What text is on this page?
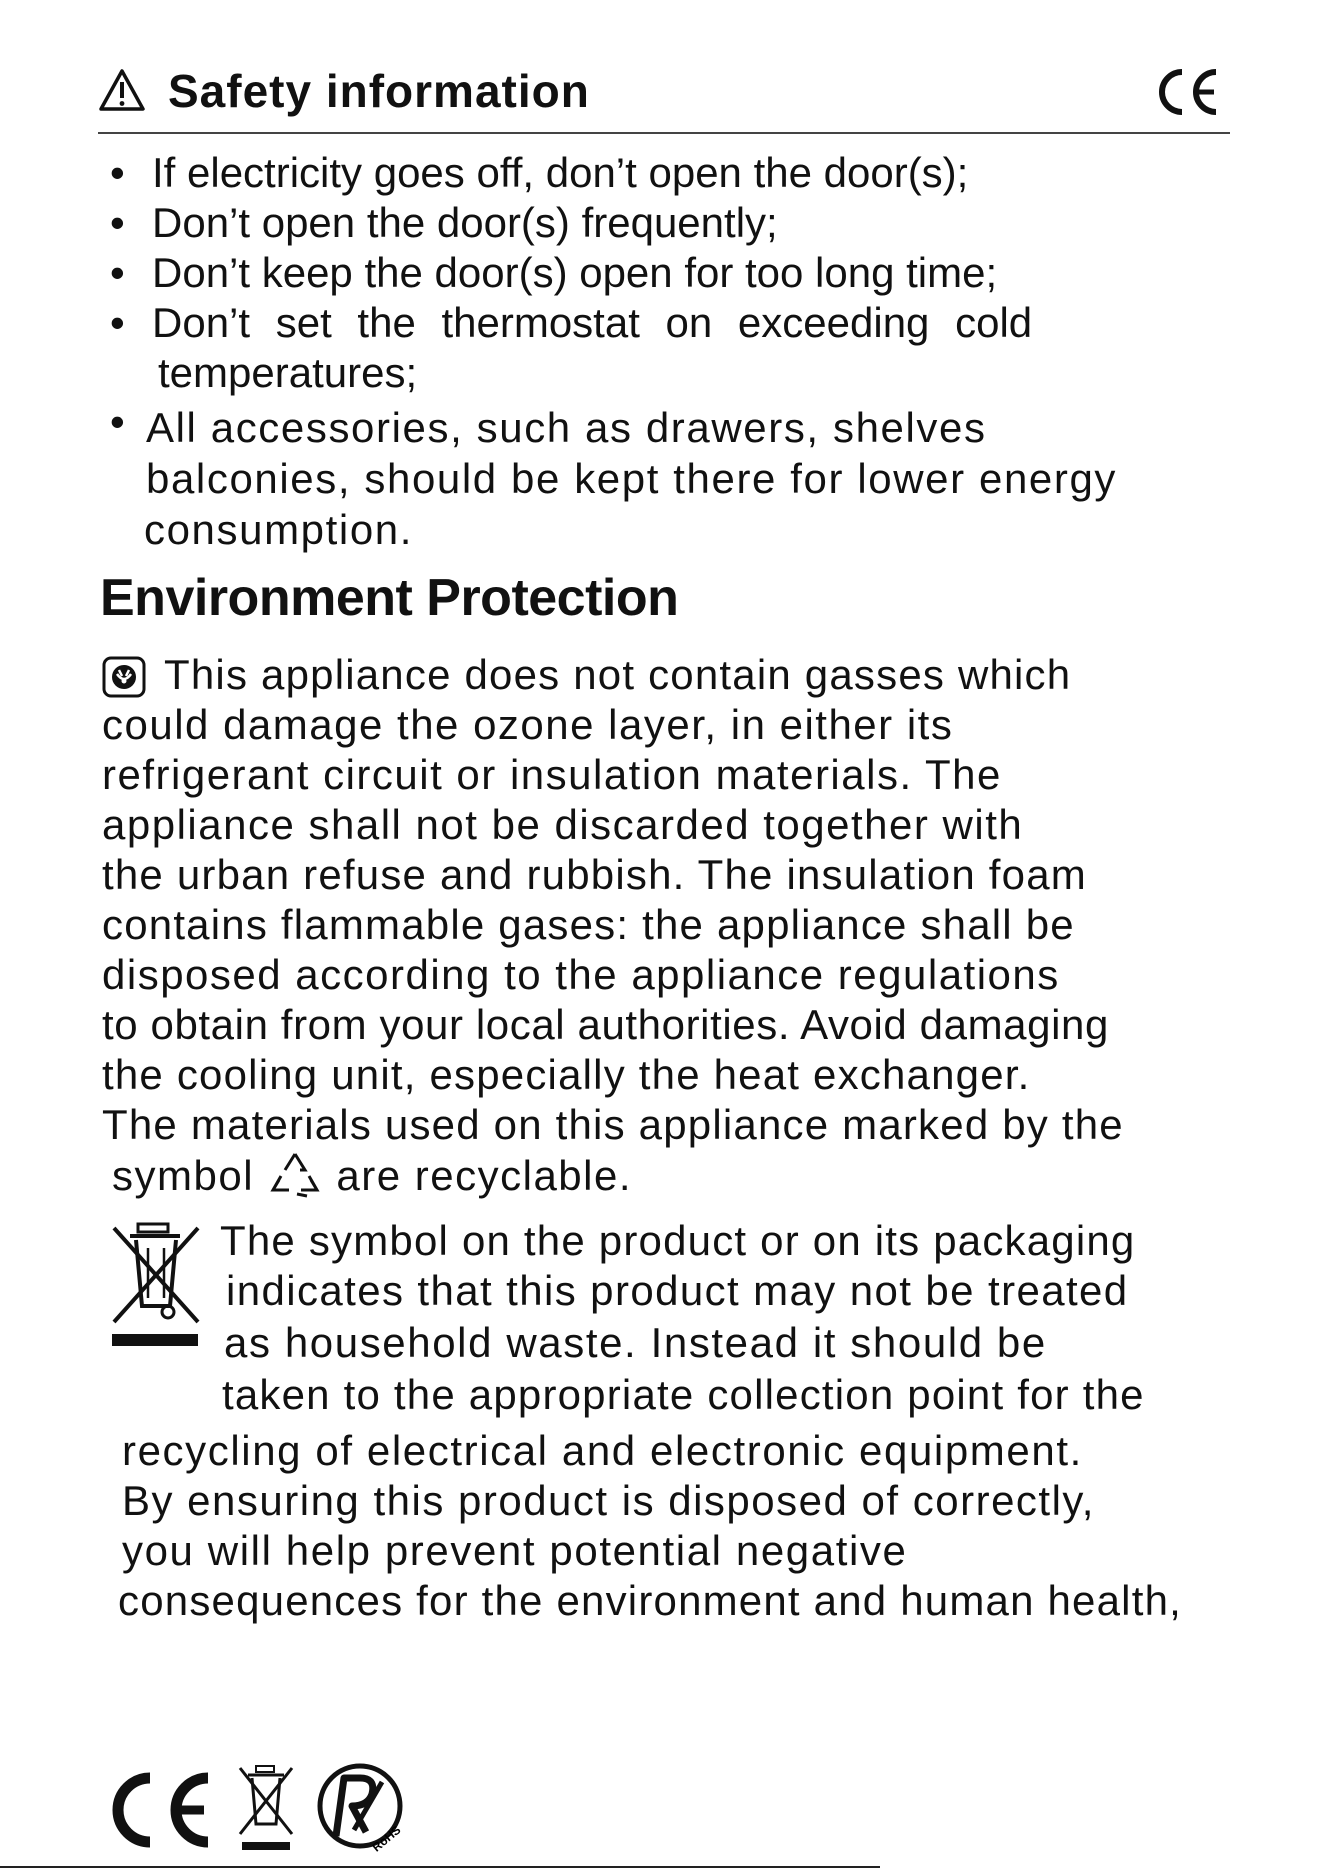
Safety information
• If electricity goes off, don’t open the door(s);
• Don’t open the door(s) frequently;
• Don’t keep the door(s) open for too long time;
• Don’t set the thermostat on exceeding cold
temperatures;
• All accessories, such as drawers, shelves
balconies, should be kept there for lower energy
consumption.
Environment Protection
This appliance does not contain gasses which
could damage the ozone layer, in either its
refrigerant circuit or insulation materials. The
appliance shall not be discarded together with
the urban refuse and rubbish. The insulation foam
contains flammable gases: the appliance shall be
disposed according to the appliance regulations
to obtain from your local authorities. Avoid damaging
the cooling unit, especially the heat exchanger.
The materials used on this appliance marked by the
symbol are recyclable.
The symbol on the product or on its packaging
indicates that this product may not be treated
as household waste. Instead it should be
taken to the appropriate collection point for the
recycling of electrical and electronic equipment.
By ensuring this product is disposed of correctly,
you will help prevent potential negative
consequences for the environment and human health,
RoHS
